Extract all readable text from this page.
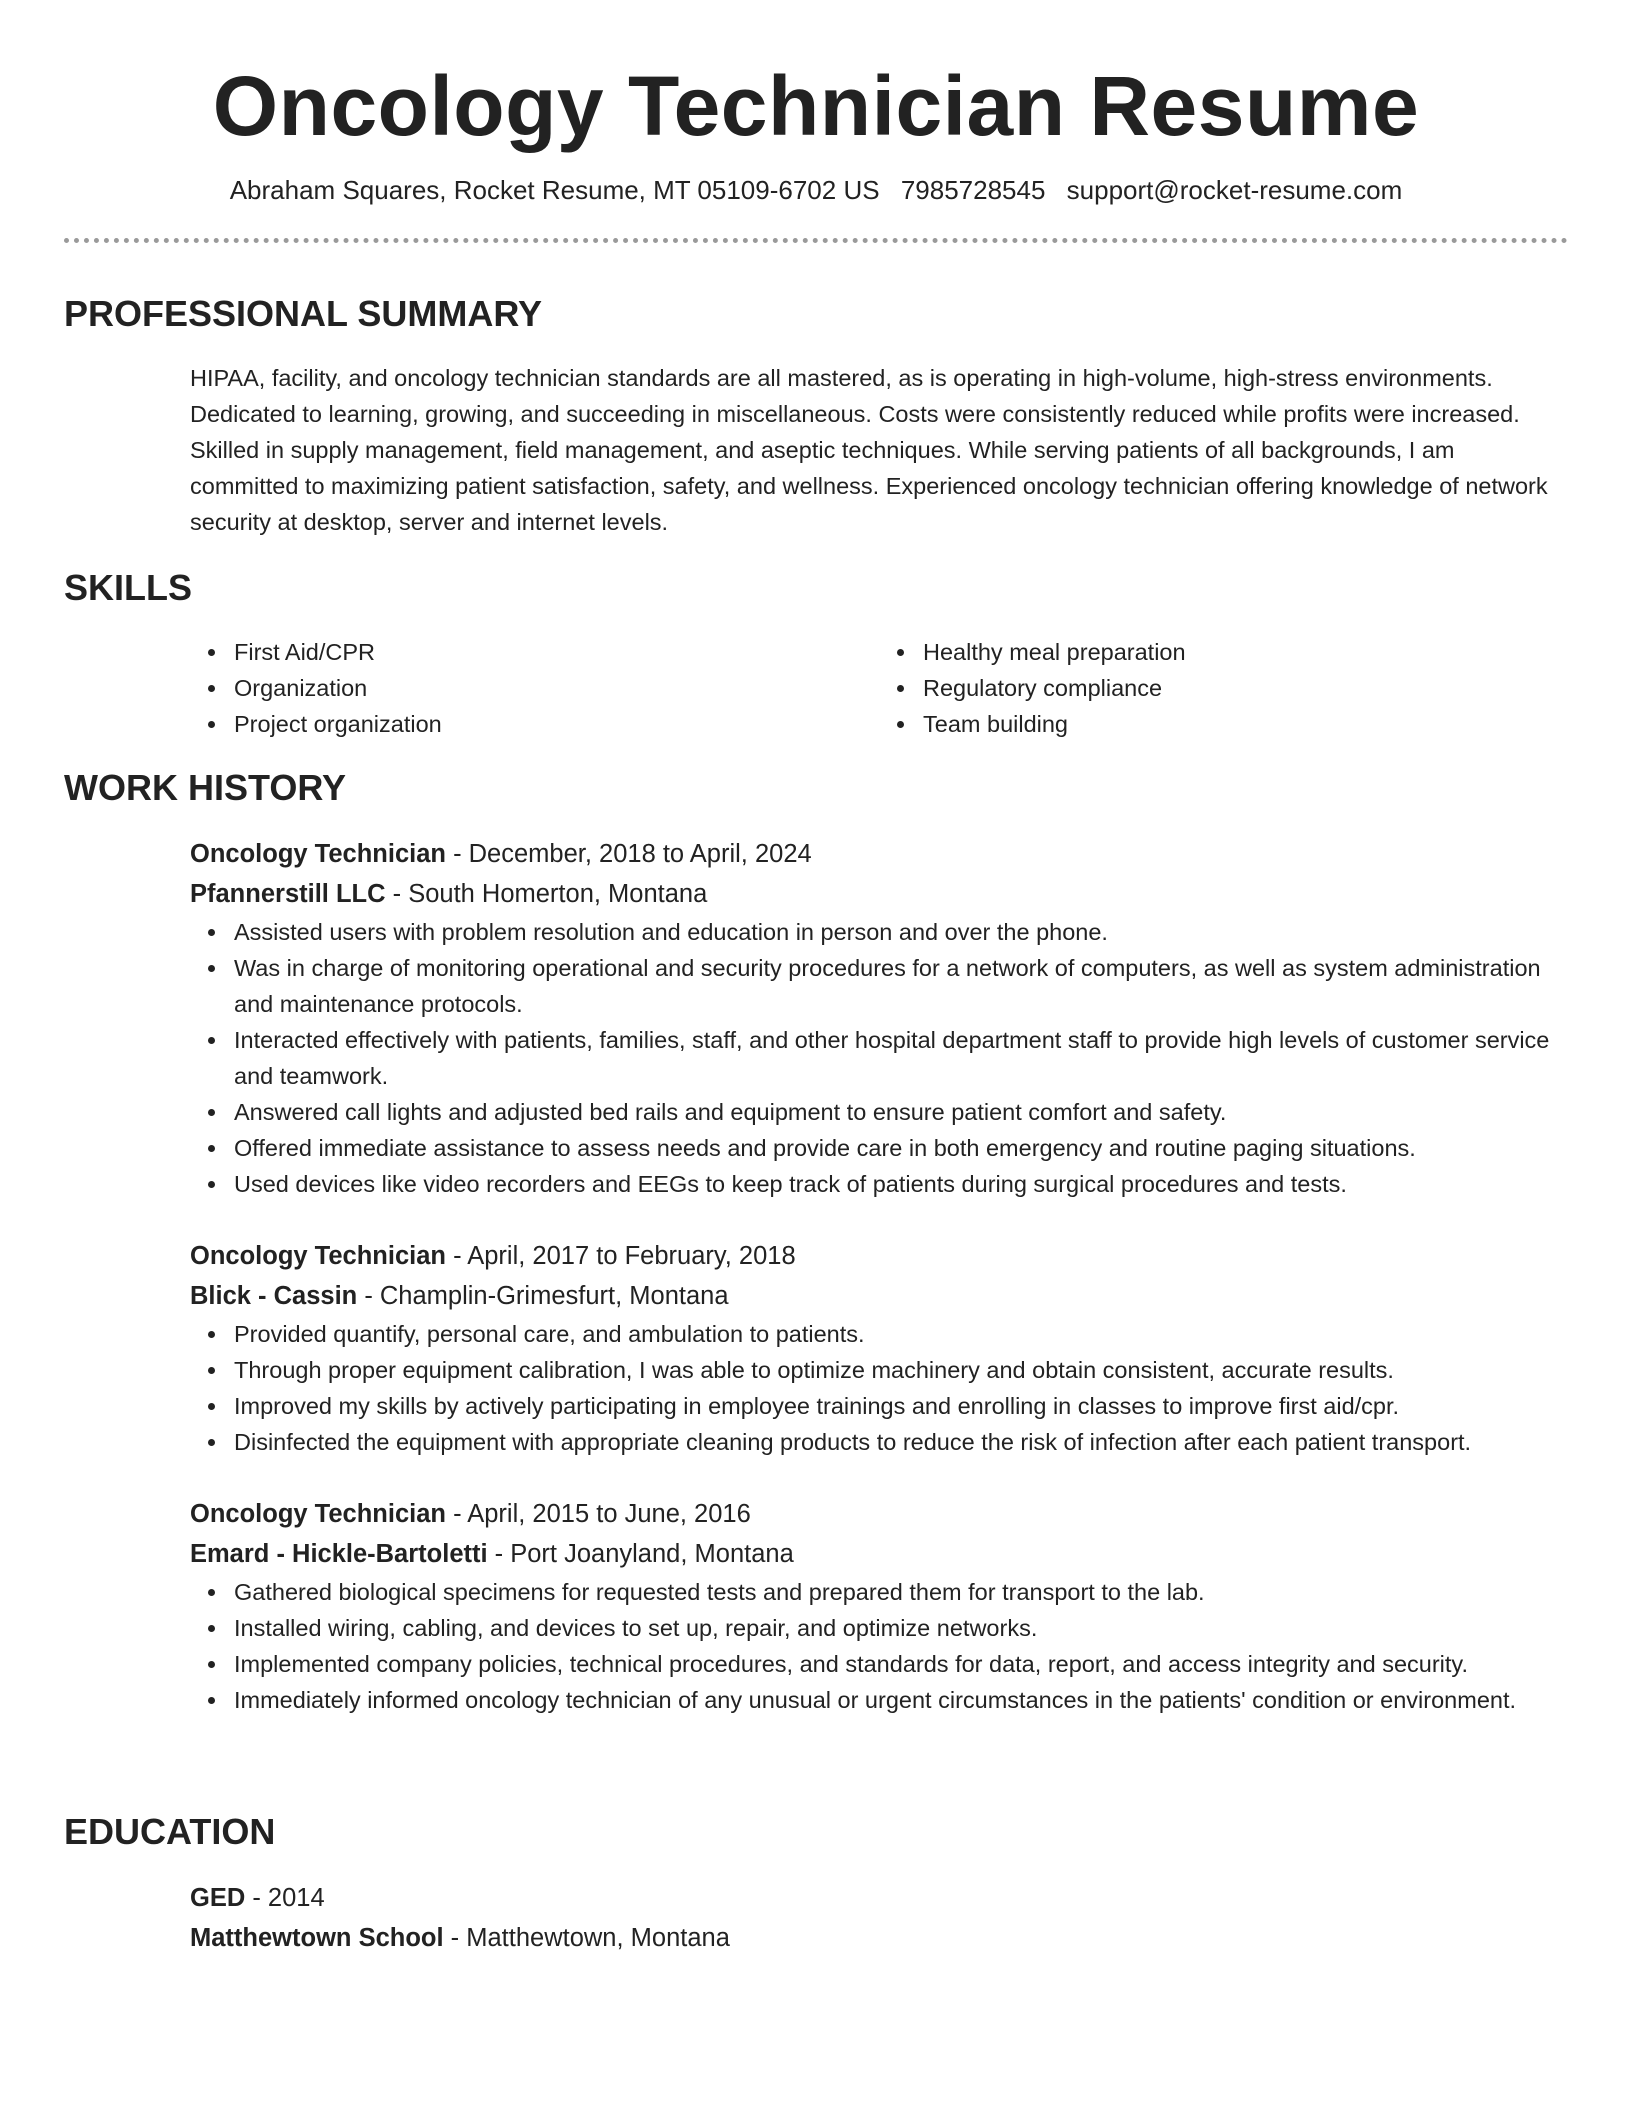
Oncology Technician Resume
Abraham Squares, Rocket Resume, MT 05109-6702 US 7985728545 support@rocket-resume.com
PROFESSIONAL SUMMARY
HIPAA, facility, and oncology technician standards are all mastered, as is operating in high-volume, high-stress environments. Dedicated to learning, growing, and succeeding in miscellaneous. Costs were consistently reduced while profits were increased. Skilled in supply management, field management, and aseptic techniques. While serving patients of all backgrounds, I am committed to maximizing patient satisfaction, safety, and wellness. Experienced oncology technician offering knowledge of network security at desktop, server and internet levels.
SKILLS
First Aid/CPR
Organization
Project organization
Healthy meal preparation
Regulatory compliance
Team building
WORK HISTORY
Oncology Technician - December, 2018 to April, 2024
Pfannerstill LLC - South Homerton, Montana
Assisted users with problem resolution and education in person and over the phone.
Was in charge of monitoring operational and security procedures for a network of computers, as well as system administration and maintenance protocols.
Interacted effectively with patients, families, staff, and other hospital department staff to provide high levels of customer service and teamwork.
Answered call lights and adjusted bed rails and equipment to ensure patient comfort and safety.
Offered immediate assistance to assess needs and provide care in both emergency and routine paging situations.
Used devices like video recorders and EEGs to keep track of patients during surgical procedures and tests.
Oncology Technician - April, 2017 to February, 2018
Blick - Cassin - Champlin-Grimesfurt, Montana
Provided quantify, personal care, and ambulation to patients.
Through proper equipment calibration, I was able to optimize machinery and obtain consistent, accurate results.
Improved my skills by actively participating in employee trainings and enrolling in classes to improve first aid/cpr.
Disinfected the equipment with appropriate cleaning products to reduce the risk of infection after each patient transport.
Oncology Technician - April, 2015 to June, 2016
Emard - Hickle-Bartoletti - Port Joanyland, Montana
Gathered biological specimens for requested tests and prepared them for transport to the lab.
Installed wiring, cabling, and devices to set up, repair, and optimize networks.
Implemented company policies, technical procedures, and standards for data, report, and access integrity and security.
Immediately informed oncology technician of any unusual or urgent circumstances in the patients' condition or environment.
EDUCATION
GED - 2014
Matthewtown School - Matthewtown, Montana
